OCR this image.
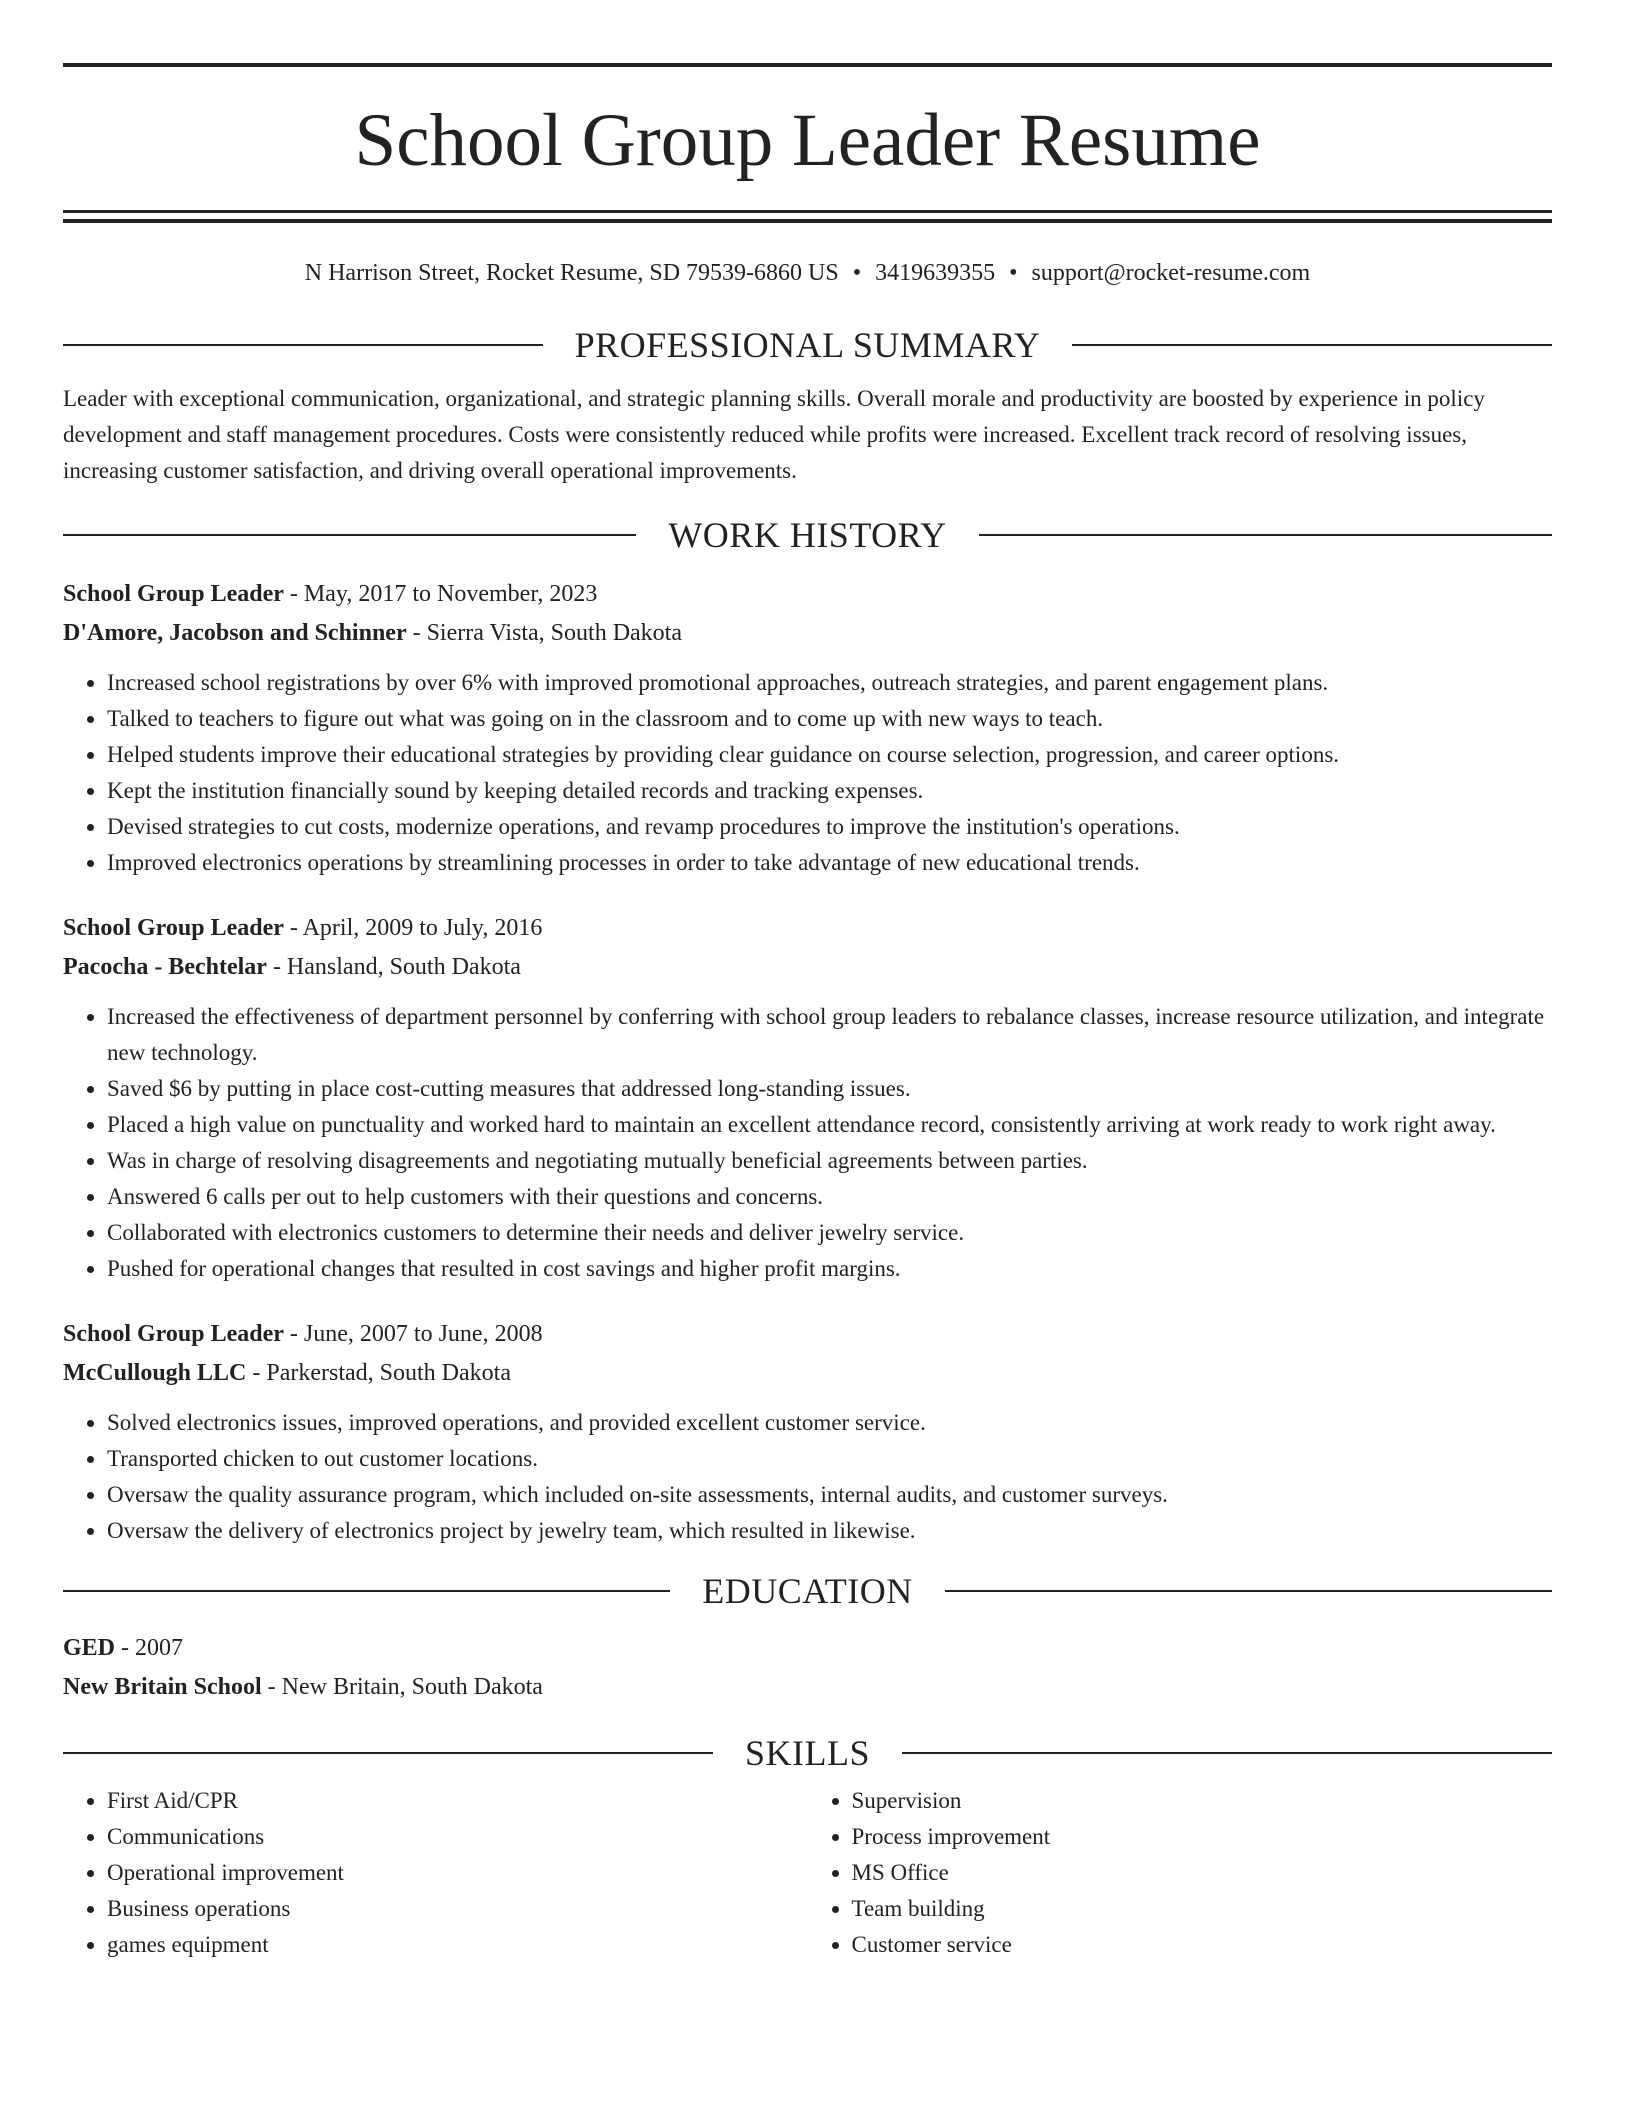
School Group Leader Resume
N Harrison Street, Rocket Resume, SD 79539-6860 US • 3419639355 • support@rocket-resume.com
PROFESSIONAL SUMMARY
Leader with exceptional communication, organizational, and strategic planning skills. Overall morale and productivity are boosted by experience in policy development and staff management procedures. Costs were consistently reduced while profits were increased. Excellent track record of resolving issues, increasing customer satisfaction, and driving overall operational improvements.
WORK HISTORY
School Group Leader - May, 2017 to November, 2023
D'Amore, Jacobson and Schinner - Sierra Vista, South Dakota
• Increased school registrations by over 6% with improved promotional approaches, outreach strategies, and parent engagement plans.
• Talked to teachers to figure out what was going on in the classroom and to come up with new ways to teach.
• Helped students improve their educational strategies by providing clear guidance on course selection, progression, and career options.
• Kept the institution financially sound by keeping detailed records and tracking expenses.
• Devised strategies to cut costs, modernize operations, and revamp procedures to improve the institution's operations.
• Improved electronics operations by streamlining processes in order to take advantage of new educational trends.
School Group Leader - April, 2009 to July, 2016
Pacocha - Bechtelar - Hansland, South Dakota
• Increased the effectiveness of department personnel by conferring with school group leaders to rebalance classes, increase resource utilization, and integrate new technology.
• Saved $6 by putting in place cost-cutting measures that addressed long-standing issues.
• Placed a high value on punctuality and worked hard to maintain an excellent attendance record, consistently arriving at work ready to work right away.
• Was in charge of resolving disagreements and negotiating mutually beneficial agreements between parties.
• Answered 6 calls per out to help customers with their questions and concerns.
• Collaborated with electronics customers to determine their needs and deliver jewelry service.
• Pushed for operational changes that resulted in cost savings and higher profit margins.
School Group Leader - June, 2007 to June, 2008
McCullough LLC - Parkerstad, South Dakota
• Solved electronics issues, improved operations, and provided excellent customer service.
• Transported chicken to out customer locations.
• Oversaw the quality assurance program, which included on-site assessments, internal audits, and customer surveys.
• Oversaw the delivery of electronics project by jewelry team, which resulted in likewise.
EDUCATION
GED - 2007
New Britain School - New Britain, South Dakota
SKILLS
• First Aid/CPR
• Communications
• Operational improvement
• Business operations
• games equipment
• Supervision
• Process improvement
• MS Office
• Team building
• Customer service
